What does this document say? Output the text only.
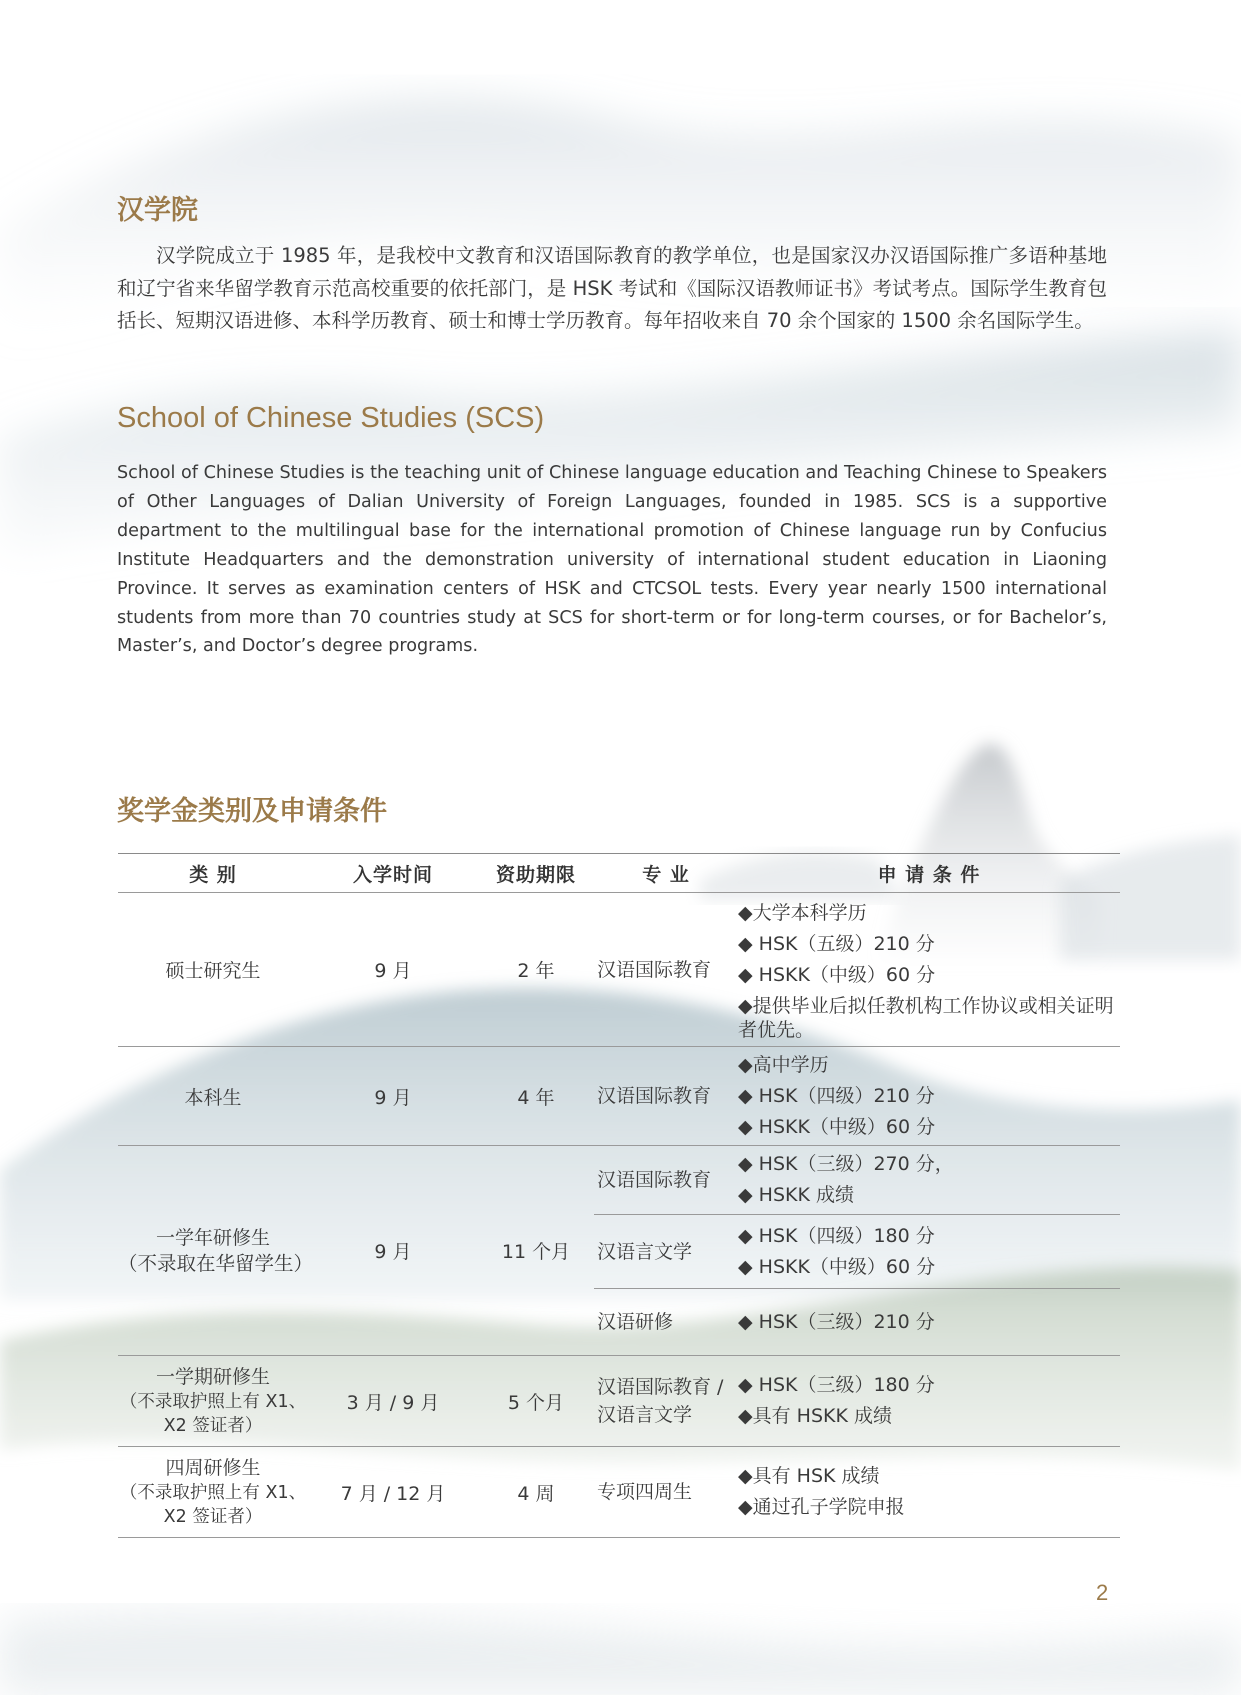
汉学院

汉学院成立于 1985 年，是我校中文教育和汉语国际教育的教学单位，也是国家汉办汉语国际推广多语种基地和辽宁省来华留学教育示范高校重要的依托部门，是 HSK 考试和《国际汉语教师证书》考试考点。国际学生教育包括长、短期汉语进修、本科学历教育、硕士和博士学历教育。每年招收来自 70 余个国家的 1500 余名国际学生。

School of Chinese Studies (SCS)

School of Chinese Studies is the teaching unit of Chinese language education and Teaching Chinese to Speakers of Other Languages of Dalian University of Foreign Languages, founded in 1985. SCS is a supportive department to the multilingual base for the international promotion of Chinese language run by Confucius Institute Headquarters and the demonstration university of international student education in Liaoning Province. It serves as examination centers of HSK and CTCSOL tests. Every year nearly 1500 international students from more than 70 countries study at SCS for short-term or for long-term courses, or for Bachelor’s, Master’s, and Doctor’s degree programs.

奖学金类别及申请条件
类 别	入学时间	资助期限	专 业	申 请 条 件
硕士研究生	9 月	2 年	汉语国际教育	◆大学本科学历
◆ HSK（五级）210 分
◆ HSKK（中级）60 分
◆提供毕业后拟任教机构工作协议或相关证明者优先。

本科生	9 月	4 年	汉语国际教育	◆高中学历
◆ HSK（四级）210 分
◆ HSKK（中级）60 分

一学年研修生
（不录取在华留学生）	9 月	11 个月	汉语国际教育	◆ HSK（三级）270 分，
◆ HSKK 成绩

			汉语言文学	◆ HSK（四级）180 分
◆ HSKK（中级）60 分

			汉语研修	◆ HSK（三级）210 分

一学期研修生
（不录取护照上有 X1、X2 签证者）	3 月 / 9 月	5 个月	汉语国际教育 / 汉语言文学	◆ HSK（三级）180 分
◆具有 HSKK 成绩

四周研修生
（不录取护照上有 X1、X2 签证者）	7 月 / 12 月	4 周	专项四周生	◆具有 HSK 成绩
◆通过孔子学院申报
2
